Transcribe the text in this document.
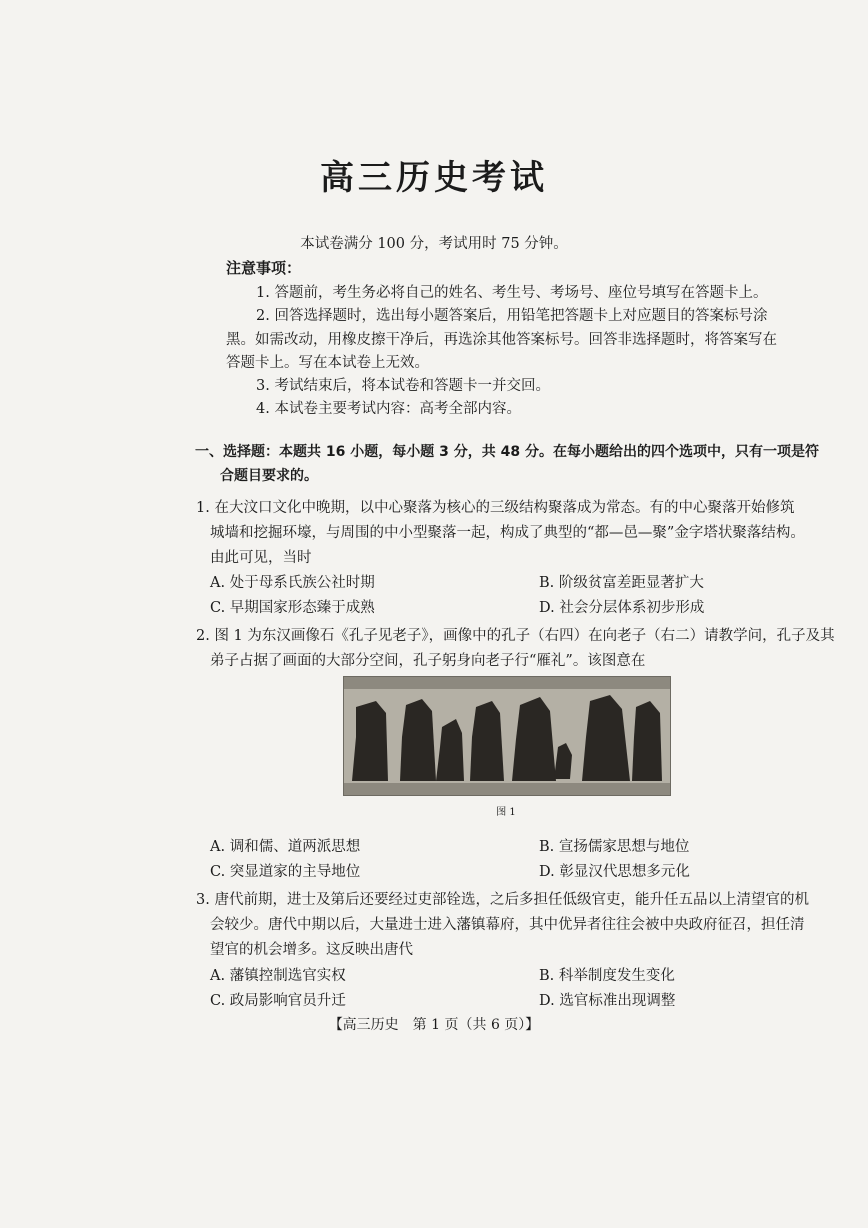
高三历史考试
本试卷满分 100 分，考试用时 75 分钟。
注意事项：
1. 答题前，考生务必将自己的姓名、考生号、考场号、座位号填写在答题卡上。
2. 回答选择题时，选出每小题答案后，用铅笔把答题卡上对应题目的答案标号涂
黑。如需改动，用橡皮擦干净后，再选涂其他答案标号。回答非选择题时，将答案写在
答题卡上。写在本试卷上无效。
3. 考试结束后，将本试卷和答题卡一并交回。
4. 本试卷主要考试内容：高考全部内容。
一、选择题：本题共 16 小题，每小题 3 分，共 48 分。在每小题给出的四个选项中，只有一项是符
合题目要求的。
1. 在大汶口文化中晚期，以中心聚落为核心的三级结构聚落成为常态。有的中心聚落开始修筑
城墙和挖掘环壕，与周围的中小型聚落一起，构成了典型的“都—邑—聚”金字塔状聚落结构。
由此可见，当时
A. 处于母系氏族公社时期	B. 阶级贫富差距显著扩大
C. 早期国家形态臻于成熟	D. 社会分层体系初步形成
2. 图 1 为东汉画像石《孔子见老子》，画像中的孔子（右四）在向老子（右二）请教学问，孔子及其
弟子占据了画面的大部分空间，孔子躬身向老子行“雁礼”。该图意在
图 1
A. 调和儒、道两派思想	B. 宣扬儒家思想与地位
C. 突显道家的主导地位	D. 彰显汉代思想多元化
3. 唐代前期，进士及第后还要经过吏部铨选，之后多担任低级官吏，能升任五品以上清望官的机
会较少。唐代中期以后，大量进士进入藩镇幕府，其中优异者往往会被中央政府征召，担任清
望官的机会增多。这反映出唐代
A. 藩镇控制选官实权	B. 科举制度发生变化
C. 政局影响官员升迁	D. 选官标准出现调整
【高三历史　第 1 页（共 6 页）】
